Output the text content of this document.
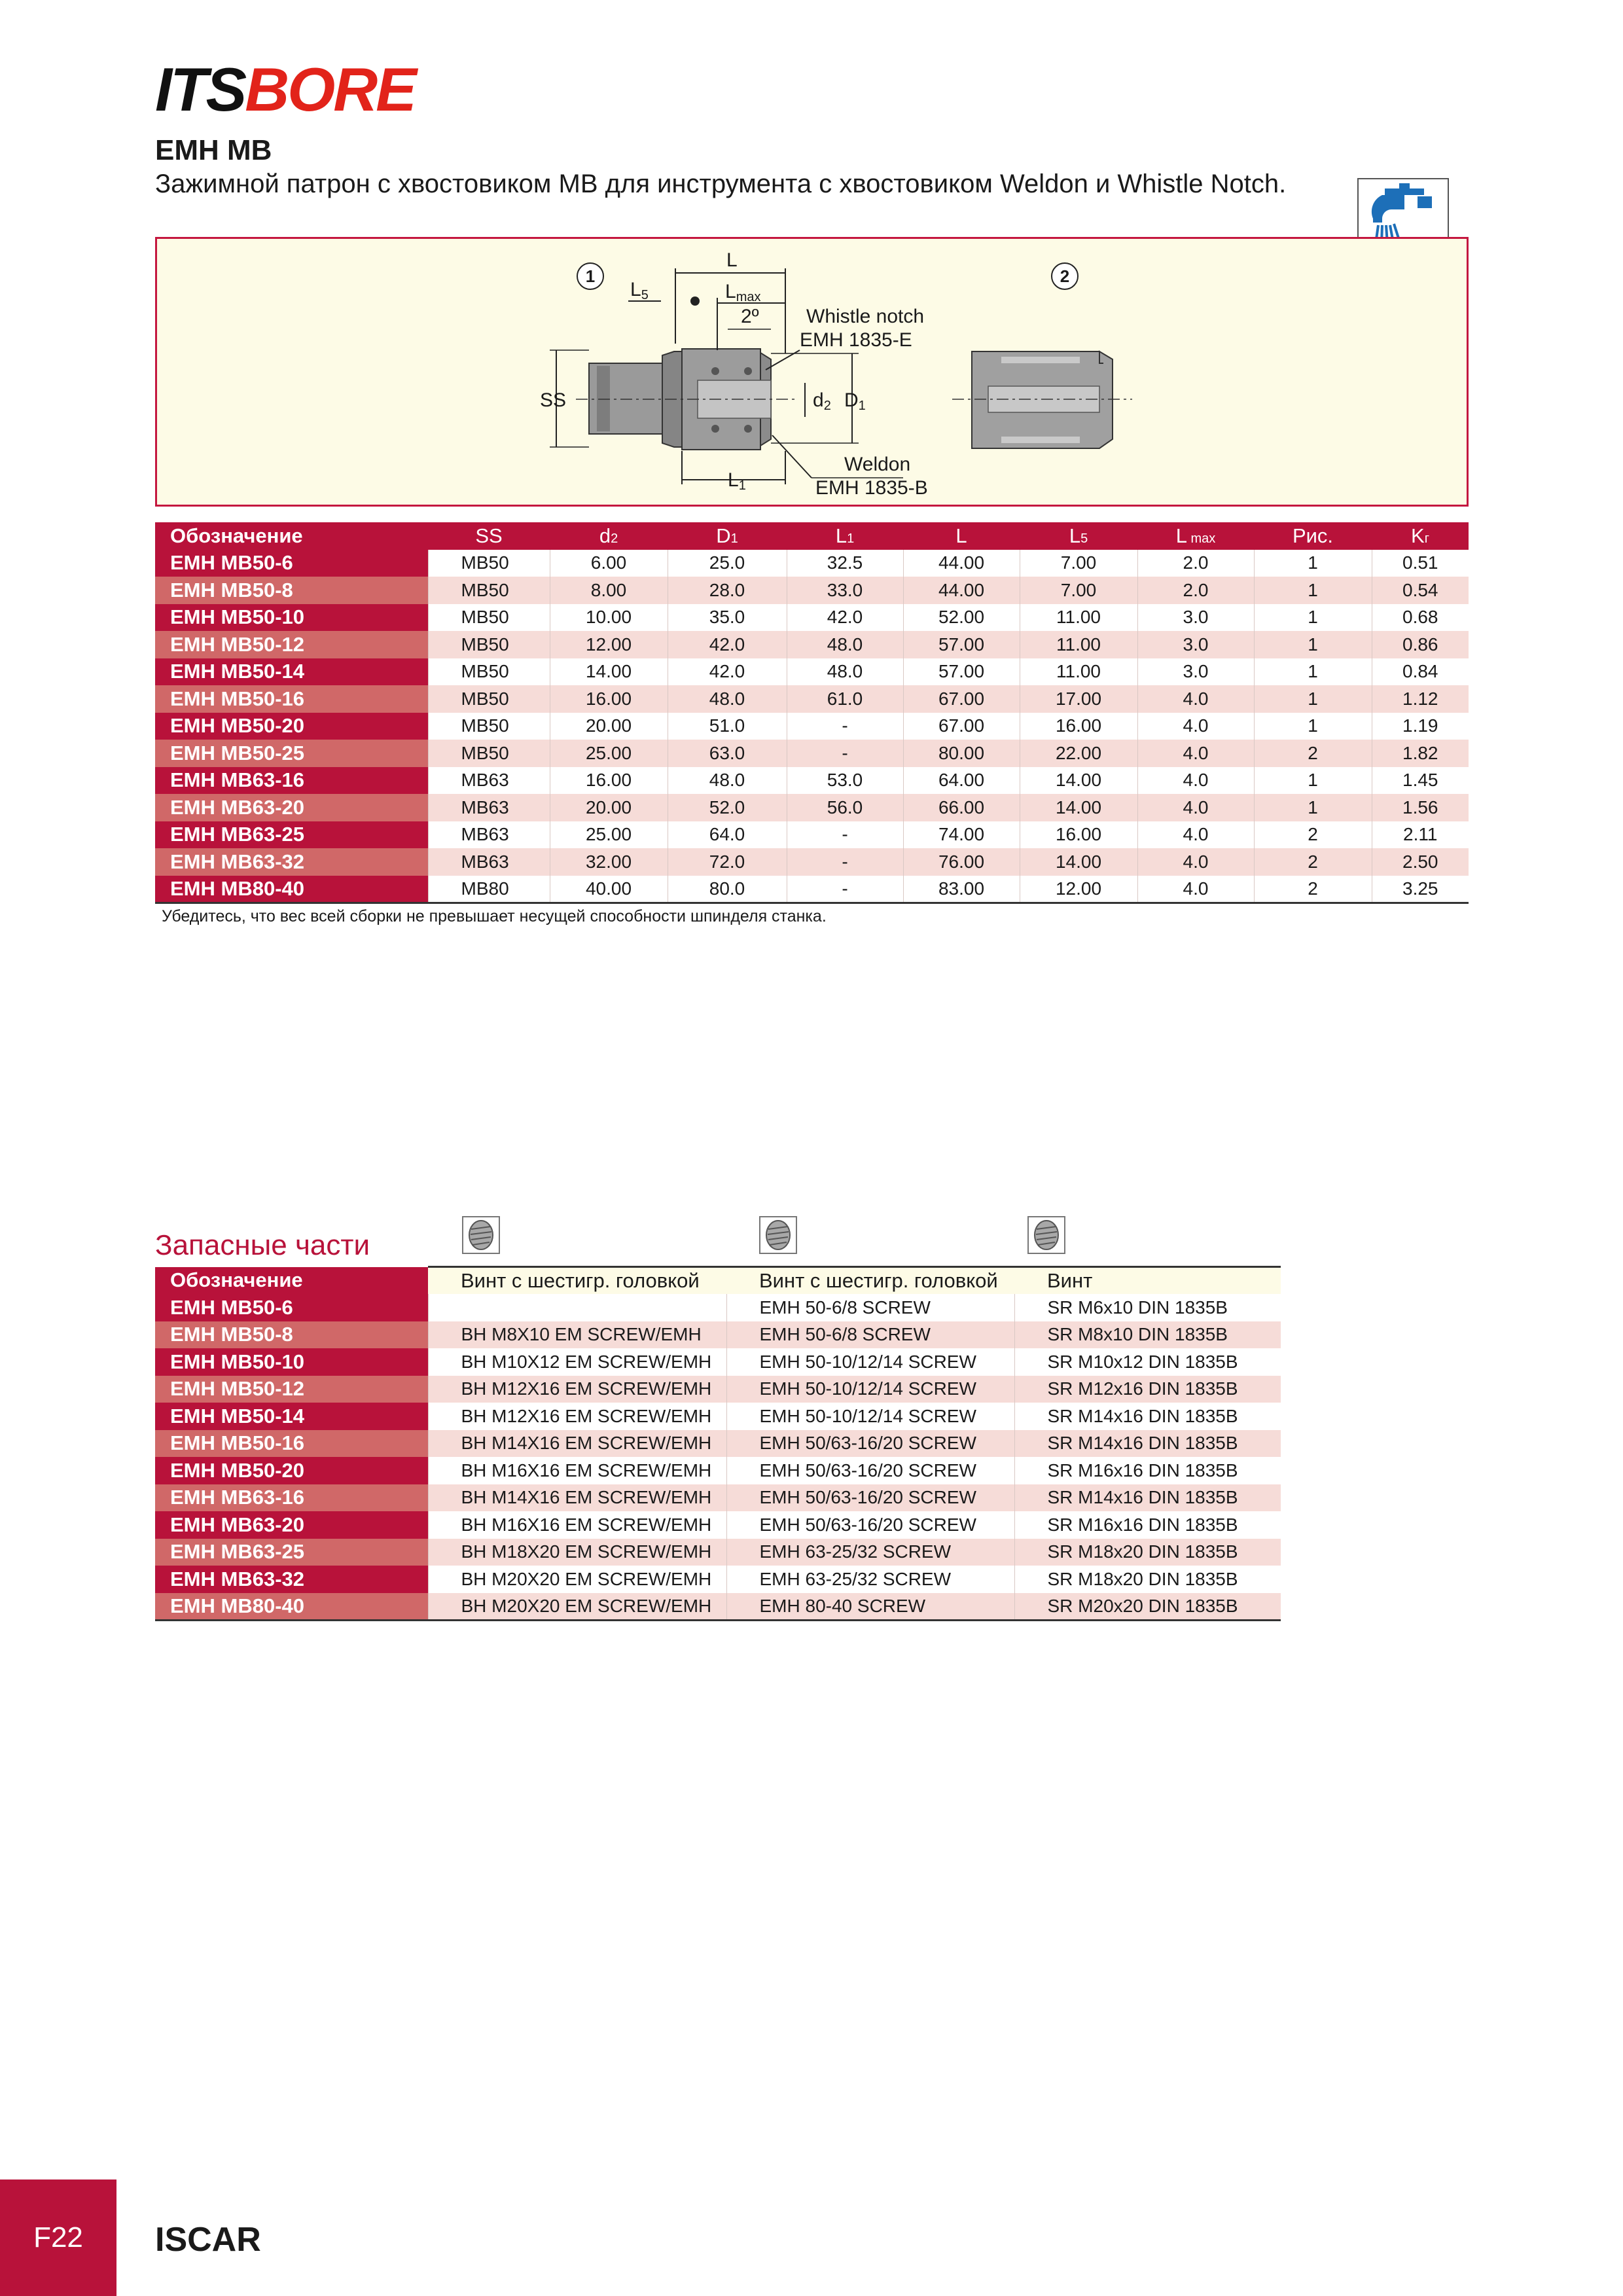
ITSBORE
EMH MB
Зажимной патрон с хвостовиком MB для инструмента с хвостовиком Weldon и Whistle Notch.
1	2
L
L5	Lmax
2º Whistle notch
EMH 1835-E
SS	d2 D1
Weldon
EMH 1835-B
L1
Обозначение	SS	d2	D1	L1	L	L5	L max	Рис.	Kг
EMH MB50-6	MB50	6.00	25.0	32.5	44.00	7.00	2.0	1	0.51
EMH MB50-8	MB50	8.00	28.0	33.0	44.00	7.00	2.0	1	0.54
EMH MB50-10	MB50	10.00	35.0	42.0	52.00	11.00	3.0	1	0.68
EMH MB50-12	MB50	12.00	42.0	48.0	57.00	11.00	3.0	1	0.86
EMH MB50-14	MB50	14.00	42.0	48.0	57.00	11.00	3.0	1	0.84
EMH MB50-16	MB50	16.00	48.0	61.0	67.00	17.00	4.0	1	1.12
EMH MB50-20	MB50	20.00	51.0	-	67.00	16.00	4.0	1	1.19
EMH MB50-25	MB50	25.00	63.0	-	80.00	22.00	4.0	2	1.82
EMH MB63-16	MB63	16.00	48.0	53.0	64.00	14.00	4.0	1	1.45
EMH MB63-20	MB63	20.00	52.0	56.0	66.00	14.00	4.0	1	1.56
EMH MB63-25	MB63	25.00	64.0	-	74.00	16.00	4.0	2	2.11
EMH MB63-32	MB63	32.00	72.0	-	76.00	14.00	4.0	2	2.50
EMH MB80-40	MB80	40.00	80.0	-	83.00	12.00	4.0	2	3.25
Убедитесь, что вес всей сборки не превышает несущей способности шпинделя станка.
Запасные части
Обозначение	Винт с шестигр. головкой	Винт с шестигр. головкой	Винт
EMH MB50-6		EMH 50-6/8 SCREW	SR M6x10 DIN 1835B
EMH MB50-8	BH M8X10 EM SCREW/EMH	EMH 50-6/8 SCREW	SR M8x10 DIN 1835B
EMH MB50-10	BH M10X12 EM SCREW/EMH	EMH 50-10/12/14 SCREW	SR M10x12 DIN 1835B
EMH MB50-12	BH M12X16 EM SCREW/EMH	EMH 50-10/12/14 SCREW	SR M12x16 DIN 1835B
EMH MB50-14	BH M12X16 EM SCREW/EMH	EMH 50-10/12/14 SCREW	SR M14x16 DIN 1835B
EMH MB50-16	BH M14X16 EM SCREW/EMH	EMH 50/63-16/20 SCREW	SR M14x16 DIN 1835B
EMH MB50-20	BH M16X16 EM SCREW/EMH	EMH 50/63-16/20 SCREW	SR M16x16 DIN 1835B
EMH MB63-16	BH M14X16 EM SCREW/EMH	EMH 50/63-16/20 SCREW	SR M14x16 DIN 1835B
EMH MB63-20	BH M16X16 EM SCREW/EMH	EMH 50/63-16/20 SCREW	SR M16x16 DIN 1835B
EMH MB63-25	BH M18X20 EM SCREW/EMH	EMH 63-25/32 SCREW	SR M18x20 DIN 1835B
EMH MB63-32	BH M20X20 EM SCREW/EMH	EMH 63-25/32 SCREW	SR M18x20 DIN 1835B
EMH MB80-40	BH M20X20 EM SCREW/EMH	EMH 80-40 SCREW	SR M20x20 DIN 1835B
F22 ISCAR
